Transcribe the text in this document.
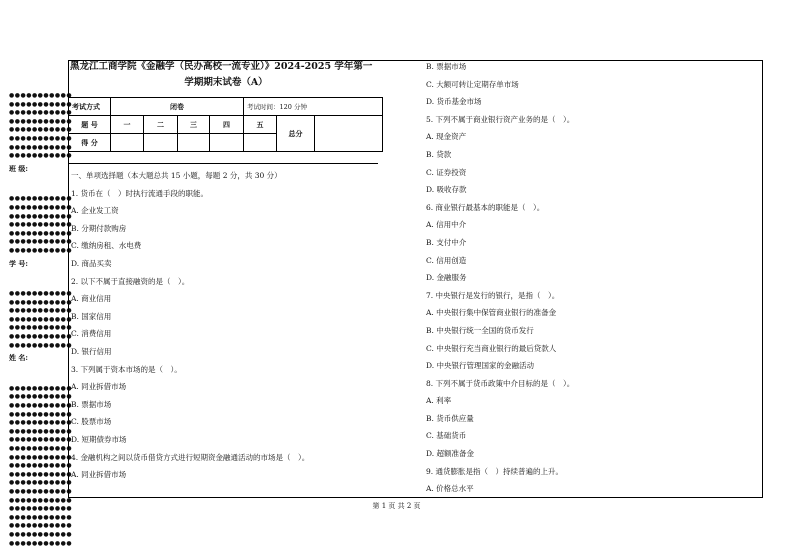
●●●●●●●●●●●
●●●●●●●●●●●
●●●●●●●●●●●
●●●●●●●●●●●
●●●●●●●●●●●
●●●●●●●●●●●
●●●●●●●●●●●
●●●●●●●●●●●
班 级:
●●●●●●●●●●●
●●●●●●●●●●●
●●●●●●●●●●●
●●●●●●●●●●●
●●●●●●●●●●●
●●●●●●●●●●●
●●●●●●●●●●●
学 号:
●●●●●●●●●●●
●●●●●●●●●●●
●●●●●●●●●●●
●●●●●●●●●●●
●●●●●●●●●●●
●●●●●●●●●●●
●●●●●●●●●●●
姓 名:
●●●●●●●●●●●
●●●●●●●●●●●
●●●●●●●●●●●
●●●●●●●●●●●
●●●●●●●●●●●
●●●●●●●●●●●
●●●●●●●●●●●
●●●●●●●●●●●
●●●●●●●●●●●
●●●●●●●●●●●
●●●●●●●●●●●
●●●●●●●●●●●
●●●●●●●●●●●
●●●●●●●●●●●
●●●●●●●●●●●
●●●●●●●●●●●
●●●●●●●●●●●
●●●●●●●●●●●
●●●●●●●●●●●
黑龙江工商学院《金融学（民办高校一流专业）》2024-2025 学年第一
学期期末试卷（A）
考试方式	闭卷				考试时间：120 分钟		
题 号	一	二	三	四	五	总分	
得 分							
一、单项选择题（本大题总共 15 小题，每题 2 分，共 30 分）
1. 货币在（　）时执行流通手段的职能。
A. 企业发工资
B. 分期付款购房
C. 缴纳房租、水电费
D. 商品买卖
2. 以下不属于直接融资的是（　）。
A. 商业信用
B. 国家信用
C. 消费信用
D. 银行信用
3. 下列属于资本市场的是（　）。
A. 同业拆借市场
B. 票据市场
C. 股票市场
D. 短期债券市场
4. 金融机构之间以货币借贷方式进行短期资金融通活动的市场是（　）。
A. 同业拆借市场
B. 票据市场
C. 大额可转让定期存单市场
D. 货币基金市场
5. 下列不属于商业银行资产业务的是（　）。
A. 现金资产
B. 贷款
C. 证券投资
D. 吸收存款
6. 商业银行最基本的职能是（　）。
A. 信用中介
B. 支付中介
C. 信用创造
D. 金融服务
7. 中央银行是发行的银行，是指（　）。
A. 中央银行集中保管商业银行的准备金
B. 中央银行统一全国的货币发行
C. 中央银行充当商业银行的最后贷款人
D. 中央银行管理国家的金融活动
8. 下列不属于货币政策中介目标的是（　）。
A. 利率
B. 货币供应量
C. 基础货币
D. 超额准备金
9. 通货膨胀是指（　）持续普遍的上升。
A. 价格总水平
第 1 页 共 2 页
